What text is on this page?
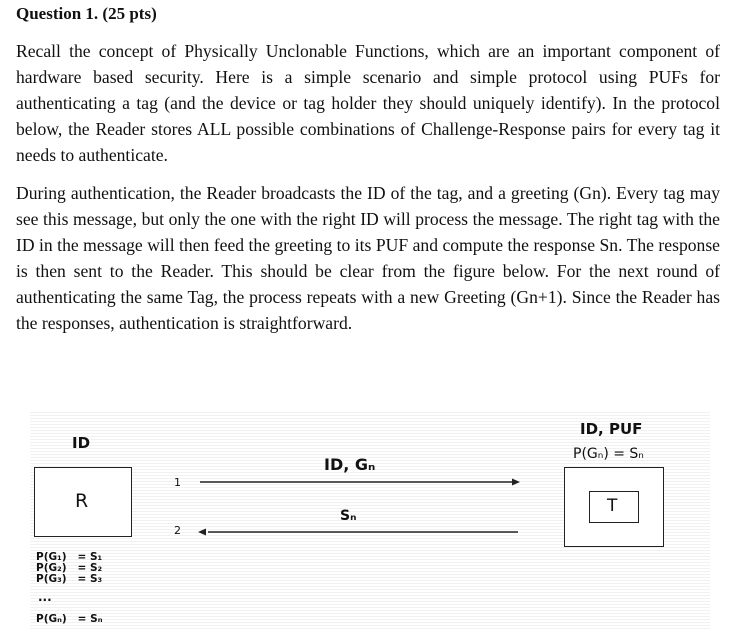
Question 1. (25 pts)

Recall the concept of Physically Unclonable Functions, which are an important component of hardware based security. Here is a simple scenario and simple protocol using PUFs for authenticating a tag (and the device or tag holder they should uniquely identify). In the protocol below, the Reader stores ALL possible combinations of Challenge-Response pairs for every tag it needs to authenticate.

During authentication, the Reader broadcasts the ID of the tag, and a greeting (Gn). Every tag may see this message, but only the one with the right ID will process the message. The right tag with the ID in the message will then feed the greeting to its PUF and compute the response Sn. The response is then sent to the Reader. This should be clear from the figure below. For the next round of authenticating the same Tag, the process repeats with a new Greeting (Gn+1). Since the Reader has the responses, authentication is straightforward.

ID
R
P(G₁) = S₁
P(G₂) = S₂
P(G₃) = S₃
...
P(Gₙ) = Sₙ
1
ID, Gₙ
2
Sₙ
ID, PUF
P(Gₙ) = Sₙ
T
